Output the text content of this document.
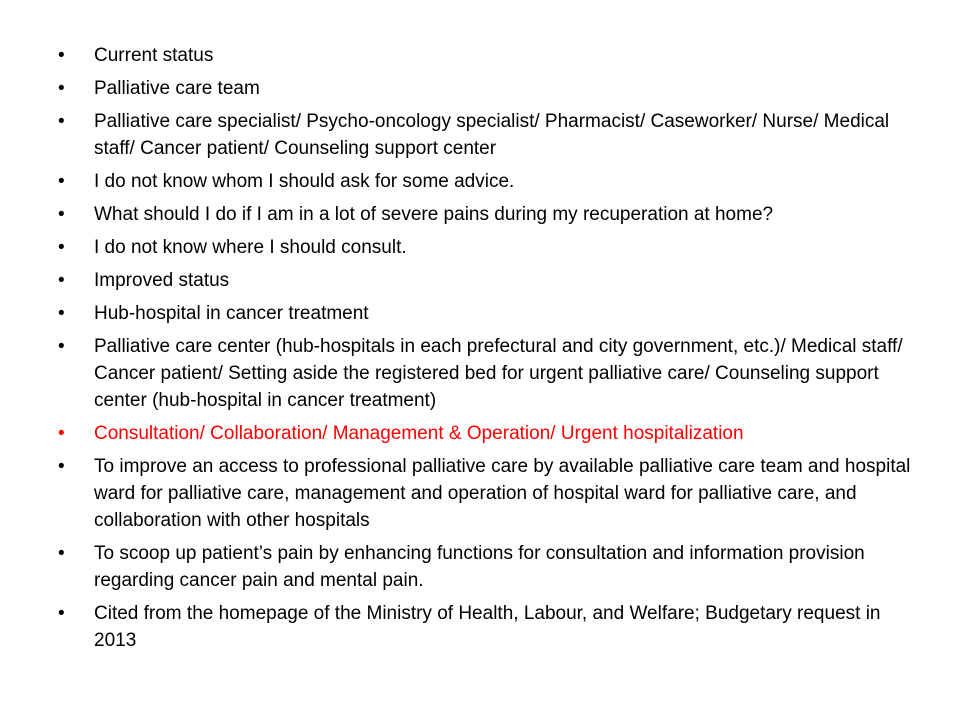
•	Current status
•	Palliative care team
•	Palliative care specialist/ Psycho-oncology specialist/ Pharmacist/ Caseworker/ Nurse/ Medical staff/ Cancer patient/ Counseling support center
•	I do not know whom I should ask for some advice.
•	What should I do if I am in a lot of severe pains during my recuperation at home?
•	I do not know where I should consult.
•	Improved status
•	Hub-hospital in cancer treatment
•	Palliative care center (hub-hospitals in each prefectural and city government, etc.)/ Medical staff/ Cancer patient/ Setting aside the registered bed for urgent palliative care/ Counseling support center (hub-hospital in cancer treatment)
•	Consultation/ Collaboration/ Management & Operation/ Urgent hospitalization
•	To improve an access to professional palliative care by available palliative care team and hospital ward for palliative care, management and operation of hospital ward for palliative care, and collaboration with other hospitals
•	To scoop up patient’s pain by enhancing functions for consultation and information provision regarding cancer pain and mental pain.
•	Cited from the homepage of the Ministry of Health, Labour, and Welfare; Budgetary request in 2013
